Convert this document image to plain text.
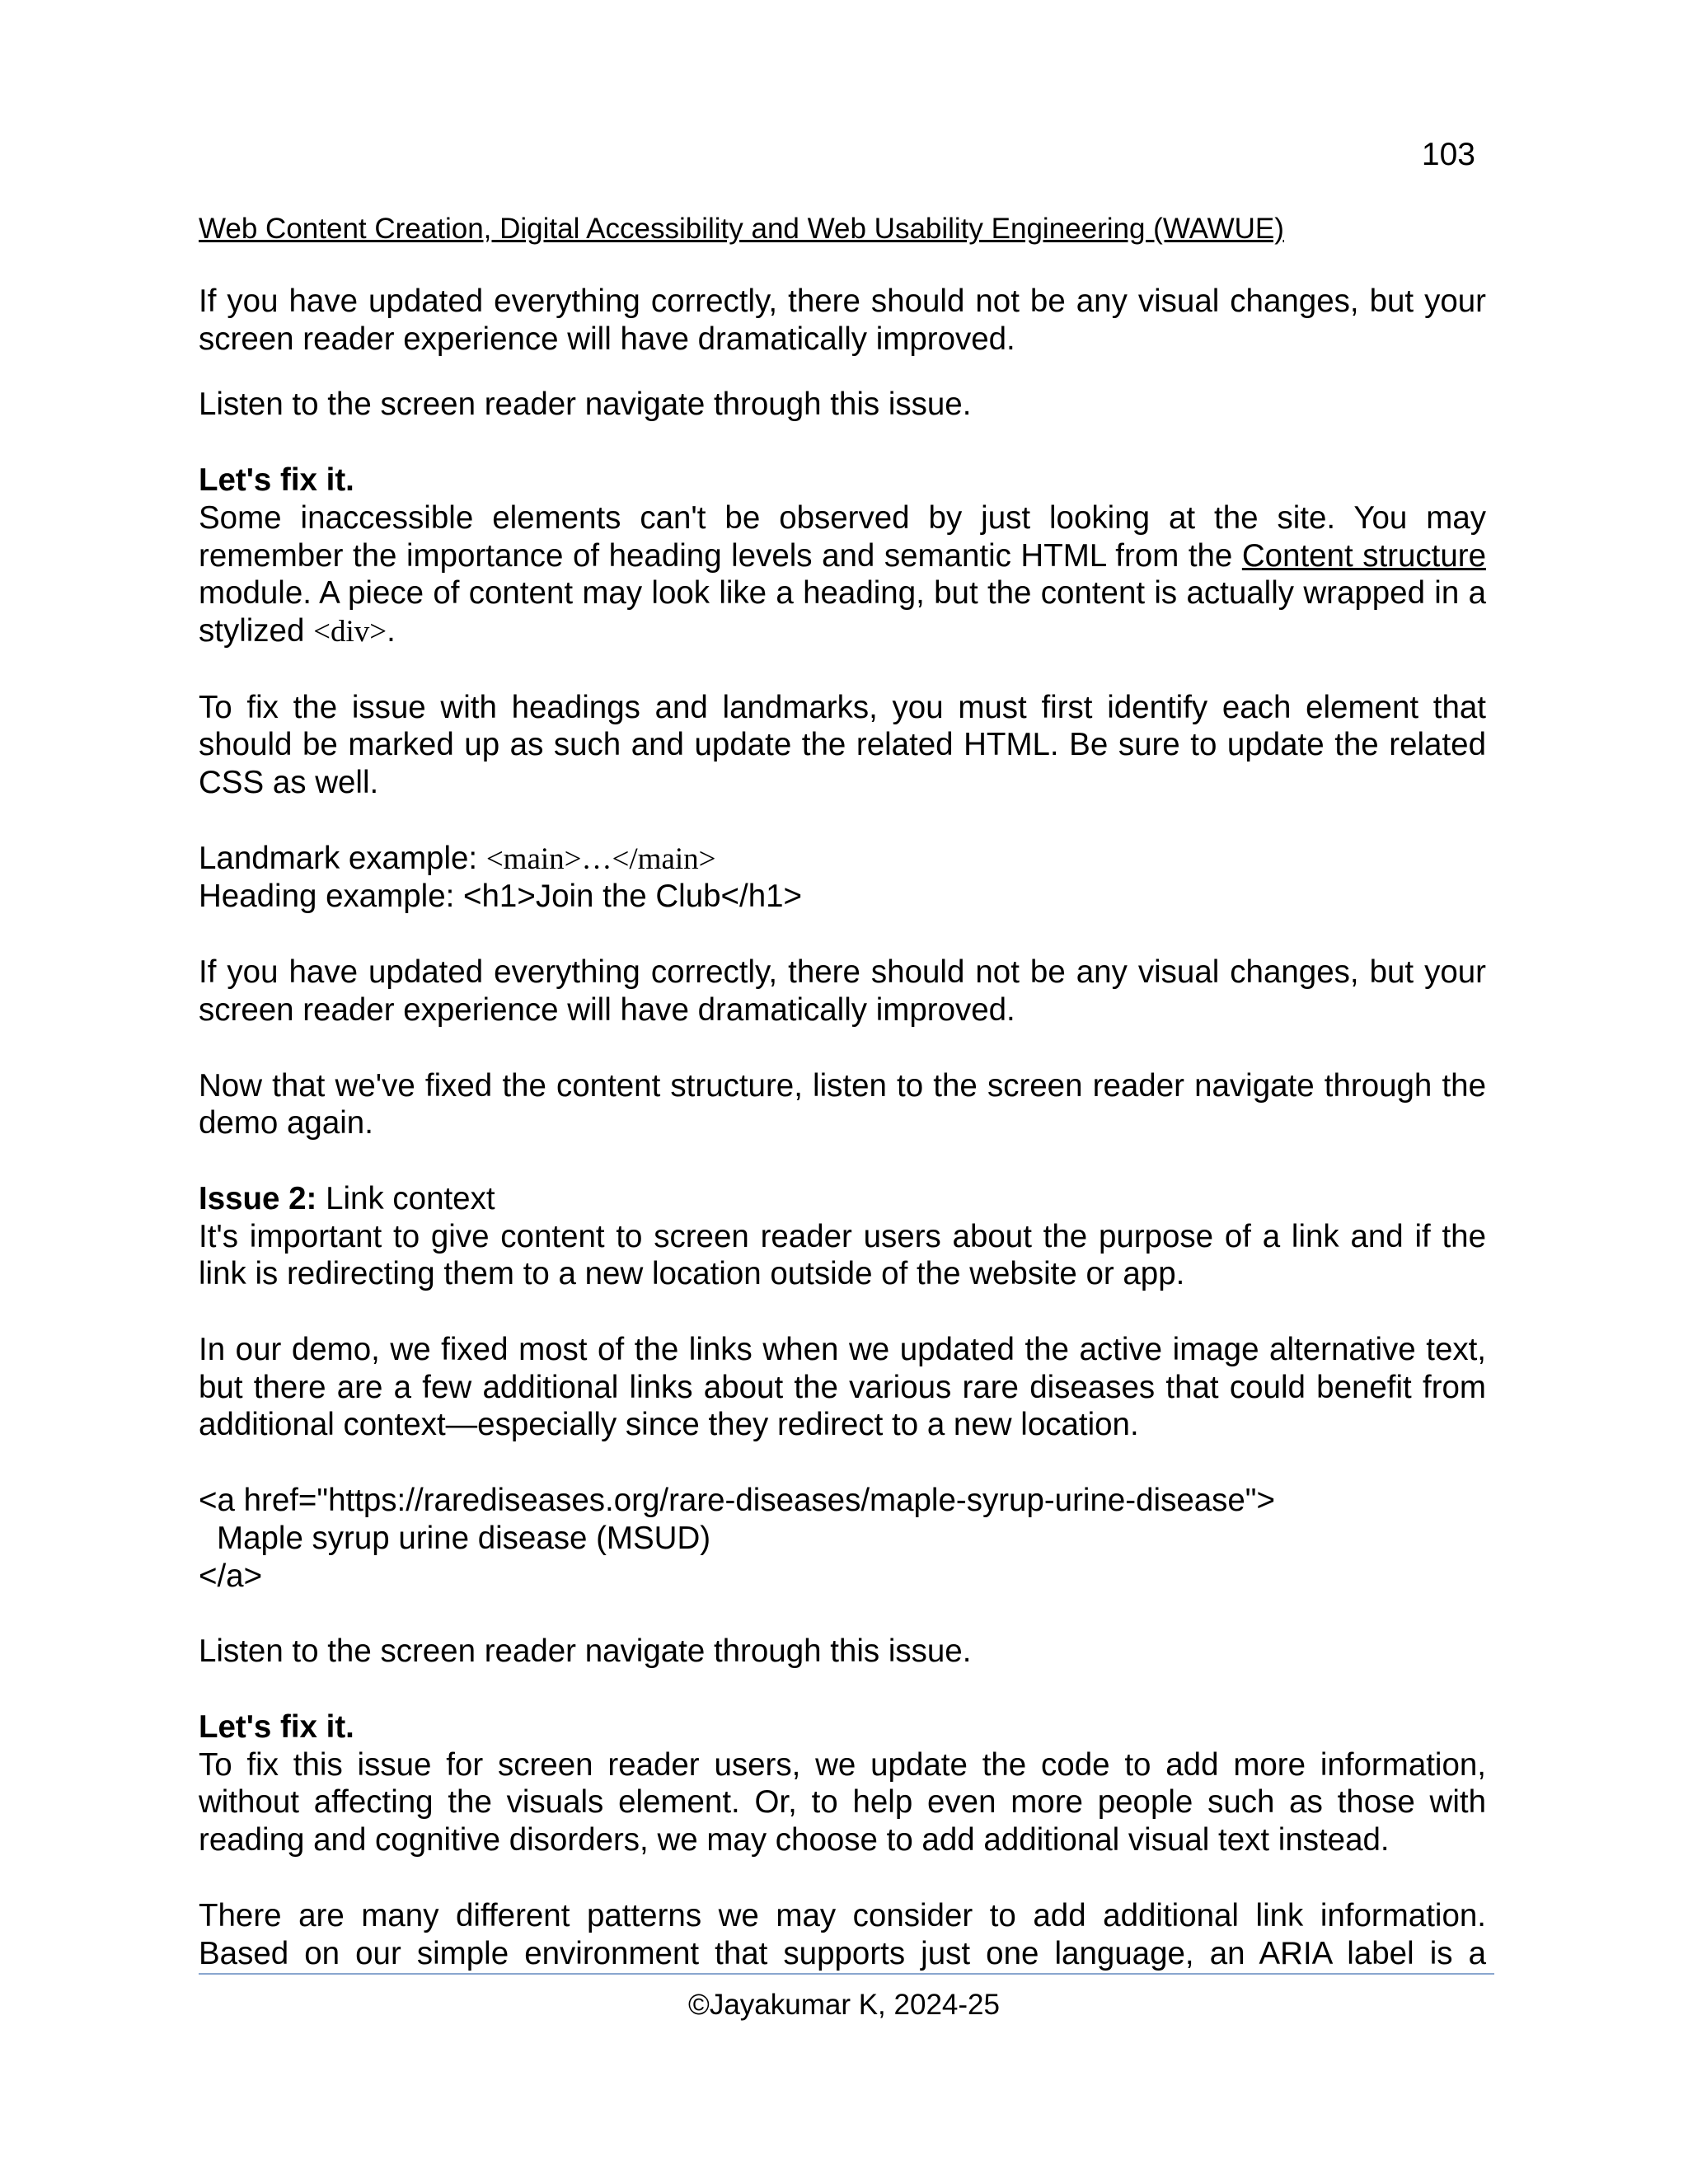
103
Web Content Creation, Digital Accessibility and Web Usability Engineering (WAWUE)

If you have updated everything correctly, there should not be any visual changes, but your screen reader experience will have dramatically improved.

Listen to the screen reader navigate through this issue.

Let's fix it.

Some inaccessible elements can't be observed by just looking at the site. You may remember the importance of heading levels and semantic HTML from the Content structure module. A piece of content may look like a heading, but the content is actually wrapped in a stylized <div>.

To fix the issue with headings and landmarks, you must first identify each element that should be marked up as such and update the related HTML. Be sure to update the related CSS as well.

Landmark example: <main>…</main>

Heading example: <h1>Join the Club</h1>

If you have updated everything correctly, there should not be any visual changes, but your screen reader experience will have dramatically improved.

Now that we've fixed the content structure, listen to the screen reader navigate through the demo again.

Issue 2: Link context

It's important to give content to screen reader users about the purpose of a link and if the link is redirecting them to a new location outside of the website or app.

In our demo, we fixed most of the links when we updated the active image alternative text, but there are a few additional links about the various rare diseases that could benefit from additional context—especially since they redirect to a new location.

<a href="https://rarediseases.org/rare-diseases/maple-syrup-urine-disease">

Maple syrup urine disease (MSUD)

</a>

Listen to the screen reader navigate through this issue.

Let's fix it.

To fix this issue for screen reader users, we update the code to add more information, without affecting the visuals element. Or, to help even more people such as those with reading and cognitive disorders, we may choose to add additional visual text instead.

There are many different patterns we may consider to add additional link information. Based on our simple environment that supports just one language, an ARIA label is a

©Jayakumar K, 2024-25
